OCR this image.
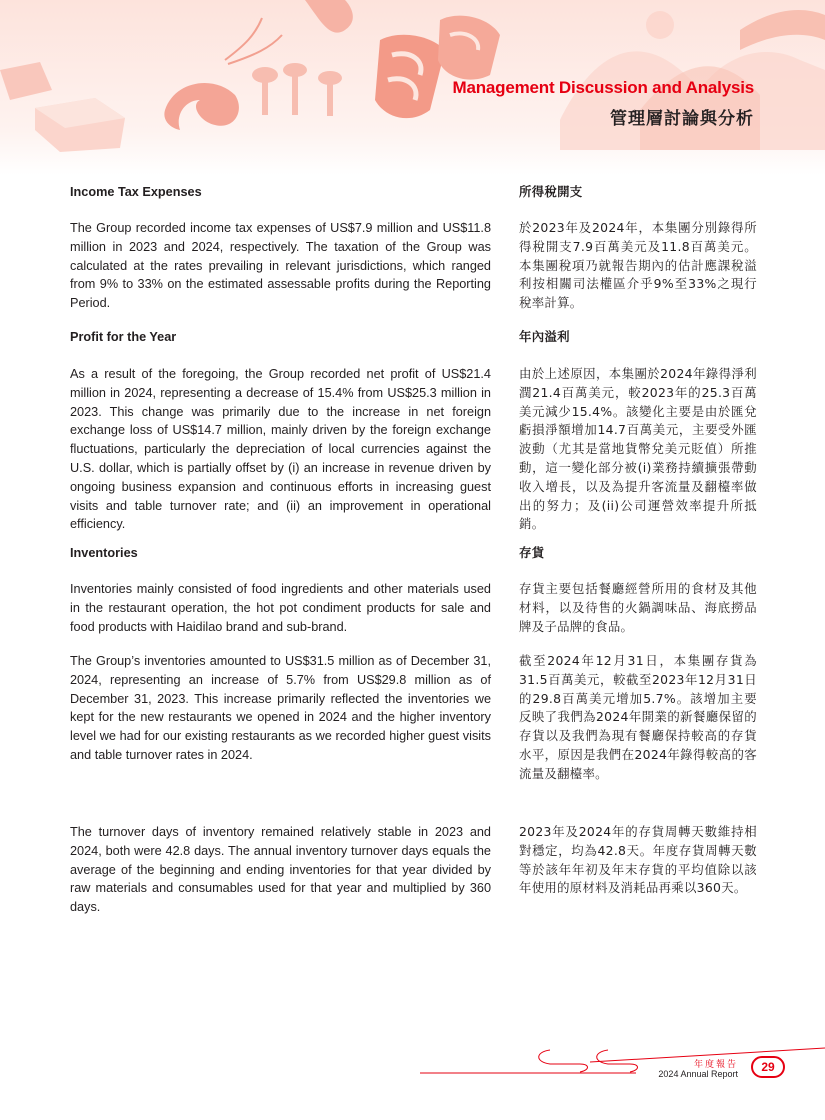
Management Discussion and Analysis
管理層討論與分析

Income Tax Expenses

The Group recorded income tax expenses of US$7.9 million and US$11.8 million in 2023 and 2024, respectively. The taxation of the Group was calculated at the rates prevailing in relevant jurisdictions, which ranged from 9% to 33% on the estimated assessable profits during the Reporting Period.

Profit for the Year

As a result of the foregoing, the Group recorded net profit of US$21.4 million in 2024, representing a decrease of 15.4% from US$25.3 million in 2023. This change was primarily due to the increase in net foreign exchange loss of US$14.7 million, mainly driven by the foreign exchange fluctuations, particularly the depreciation of local currencies against the U.S. dollar, which is partially offset by (i) an increase in revenue driven by ongoing business expansion and continuous efforts in increasing guest visits and table turnover rate; and (ii) an improvement in operational efficiency.

Inventories

Inventories mainly consisted of food ingredients and other materials used in the restaurant operation, the hot pot condiment products for sale and food products with Haidilao brand and sub-brand.

The Group’s inventories amounted to US$31.5 million as of December 31, 2024, representing an increase of 5.7% from US$29.8 million as of December 31, 2023. This increase primarily reflected the inventories we kept for the new restaurants we opened in 2024 and the higher inventory level we had for our existing restaurants as we recorded higher guest visits and table turnover rates in 2024.

The turnover days of inventory remained relatively stable in 2023 and 2024, both were 42.8 days. The annual inventory turnover days equals the average of the beginning and ending inventories for that year divided by raw materials and consumables used for that year and multiplied by 360 days.

所得稅開支

於2023年及2024年，本集團分別錄得所得稅開支7.9百萬美元及11.8百萬美元。本集團稅項乃就報告期內的估計應課稅溢利按相關司法權區介乎9%至33%之現行稅率計算。

年內溢利

由於上述原因，本集團於2024年錄得淨利潤21.4百萬美元，較2023年的25.3百萬美元減少15.4%。該變化主要是由於匯兌虧損淨額增加14.7百萬美元，主要受外匯波動（尤其是當地貨幣兌美元貶值）所推動，這一變化部分被(i)業務持續擴張帶動收入增長，以及為提升客流量及翻檯率做出的努力；及(ii)公司運營效率提升所抵銷。

存貨

存貨主要包括餐廳經營所用的食材及其他材料，以及待售的火鍋調味品、海底撈品牌及子品牌的食品。

截至2024年12月31日，本集團存貨為31.5百萬美元，較截至2023年12月31日的29.8百萬美元增加5.7%。該增加主要反映了我們為2024年開業的新餐廳保留的存貨以及我們為現有餐廳保持較高的存貨水平，原因是我們在2024年錄得較高的客流量及翻檯率。

2023年及2024年的存貨周轉天數維持相對穩定，均為42.8天。年度存貨周轉天數等於該年年初及年末存貨的平均值除以該年使用的原材料及消耗品再乘以360天。

年度報告
2024 Annual Report	29
